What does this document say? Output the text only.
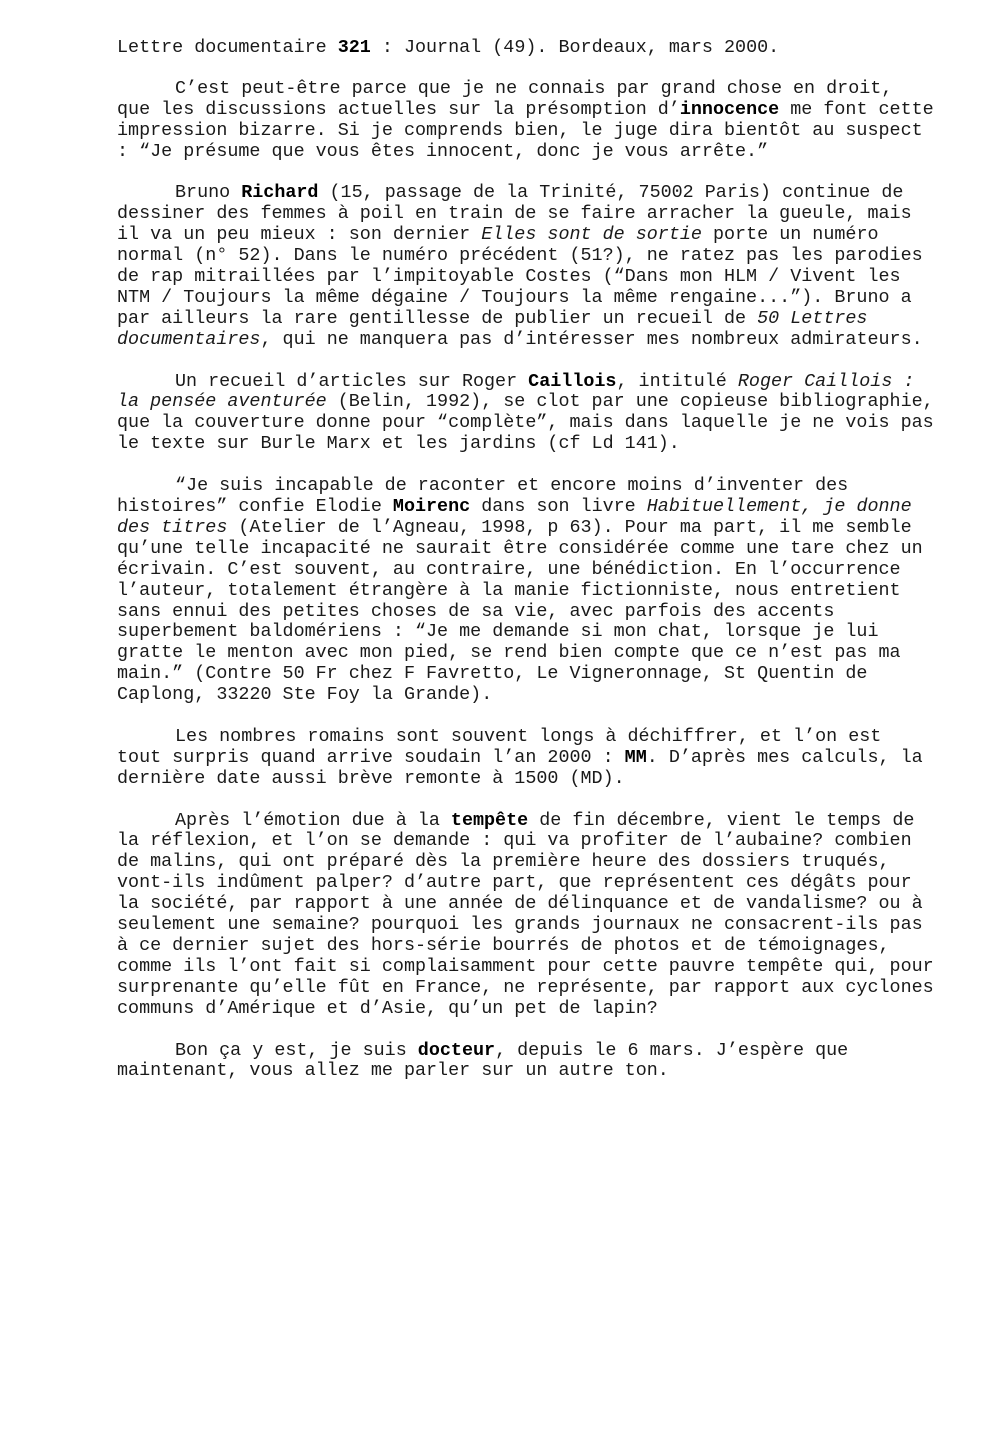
Lettre documentaire 321 : Journal (49). Bordeaux, mars 2000.

C’est peut-être parce que je ne connais par grand chose en droit, que les discussions actuelles sur la présomption d’innocence me font cette impression bizarre. Si je comprends bien, le juge dira bientôt au suspect : “Je présume que vous êtes innocent, donc je vous arrête.”

Bruno Richard (15, passage de la Trinité, 75002 Paris) continue de dessiner des femmes à poil en train de se faire arracher la gueule, mais il va un peu mieux : son dernier Elles sont de sortie porte un numéro normal (n° 52). Dans le numéro précédent (51?), ne ratez pas les parodies de rap mitraillées par l’impitoyable Costes (“Dans mon HLM / Vivent les NTM / Toujours la même dégaine / Toujours la même rengaine...”). Bruno a par ailleurs la rare gentillesse de publier un recueil de 50 Lettres documentaires, qui ne manquera pas d’intéresser mes nombreux admirateurs.

Un recueil d’articles sur Roger Caillois, intitulé Roger Caillois : la pensée aventurée (Belin, 1992), se clot par une copieuse bibliographie, que la couverture donne pour “complète”, mais dans laquelle je ne vois pas le texte sur Burle Marx et les jardins (cf Ld 141).

“Je suis incapable de raconter et encore moins d’inventer des histoires” confie Elodie Moirenc dans son livre Habituellement, je donne des titres (Atelier de l’Agneau, 1998, p 63). Pour ma part, il me semble qu’une telle incapacité ne saurait être considérée comme une tare chez un écrivain. C’est souvent, au contraire, une bénédiction. En l’occurrence l’auteur, totalement étrangère à la manie fictionniste, nous entretient sans ennui des petites choses de sa vie, avec parfois des accents superbement baldomériens : “Je me demande si mon chat, lorsque je lui gratte le menton avec mon pied, se rend bien compte que ce n’est pas ma main.” (Contre 50 Fr chez F Favretto, Le Vigneronnage, St Quentin de Caplong, 33220 Ste Foy la Grande).

Les nombres romains sont souvent longs à déchiffrer, et l’on est tout surpris quand arrive soudain l’an 2000 : MM. D’après mes calculs, la dernière date aussi brève remonte à 1500 (MD).

Après l’émotion due à la tempête de fin décembre, vient le temps de la réflexion, et l’on se demande : qui va profiter de l’aubaine? combien de malins, qui ont préparé dès la première heure des dossiers truqués, vont-ils indûment palper? d’autre part, que représentent ces dégâts pour la société, par rapport à une année de délinquance et de vandalisme? ou à seulement une semaine? pourquoi les grands journaux ne consacrent-ils pas à ce dernier sujet des hors-série bourrés de photos et de témoignages, comme ils l’ont fait si complaisamment pour cette pauvre tempête qui, pour surprenante qu’elle fût en France, ne représente, par rapport aux cyclones communs d’Amérique et d’Asie, qu’un pet de lapin?

Bon ça y est, je suis docteur, depuis le 6 mars. J’espère que maintenant, vous allez me parler sur un autre ton.
